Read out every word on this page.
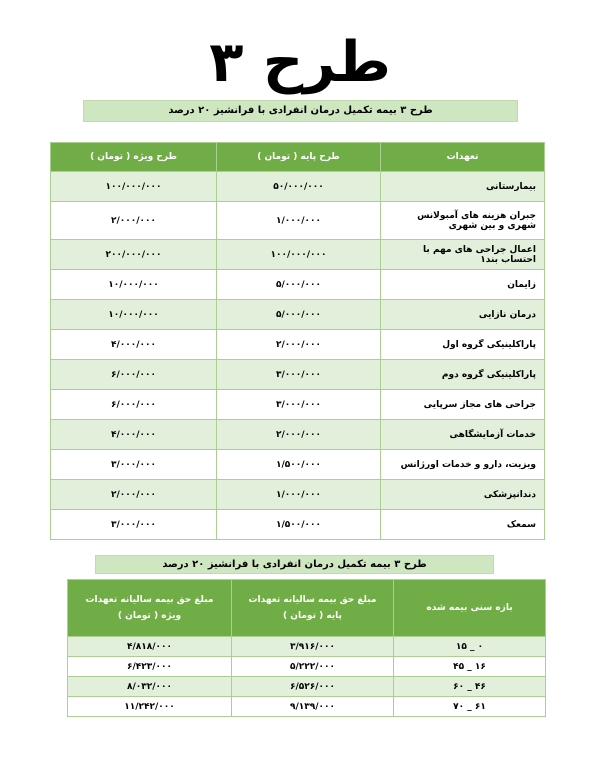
طرح ۳
طرح ۳ بیمه تکمیل درمان انفرادی با فرانشیز ۲۰ درصد
تعهدات	طرح پایه ( تومان )	طرح ویژه ( تومان )
بیمارستانی	۵۰/۰۰۰/۰۰۰	۱۰۰/۰۰۰/۰۰۰
جبران هزینه های آمبولانس شهری و بین شهری	۱/۰۰۰/۰۰۰	۲/۰۰۰/۰۰۰
اعمال جراحی های مهم با احتساب بند۱	۱۰۰/۰۰۰/۰۰۰	۲۰۰/۰۰۰/۰۰۰
زایمان	۵/۰۰۰/۰۰۰	۱۰/۰۰۰/۰۰۰
درمان نازایی	۵/۰۰۰/۰۰۰	۱۰/۰۰۰/۰۰۰
پاراکلینیکی گروه اول	۲/۰۰۰/۰۰۰	۴/۰۰۰/۰۰۰
پاراکلینیکی گروه دوم	۳/۰۰۰/۰۰۰	۶/۰۰۰/۰۰۰
جراحی های مجاز سرپایی	۳/۰۰۰/۰۰۰	۶/۰۰۰/۰۰۰
خدمات آزمایشگاهی	۲/۰۰۰/۰۰۰	۴/۰۰۰/۰۰۰
ویزیت، دارو و خدمات اورژانس	۱/۵۰۰/۰۰۰	۳/۰۰۰/۰۰۰
دندانپزشکی	۱/۰۰۰/۰۰۰	۲/۰۰۰/۰۰۰
سمعک	۱/۵۰۰/۰۰۰	۳/۰۰۰/۰۰۰
طرح ۳ بیمه تکمیل درمان انفرادی با فرانشیز ۲۰ درصد
بازه سنی بیمه شده	مبلغ حق بیمه سالیانه تعهدات پایه ( تومان )	مبلغ حق بیمه سالیانه تعهدات ویژه ( تومان )
۰ _ ۱۵	۳/۹۱۶/۰۰۰	۴/۸۱۸/۰۰۰
۱۶ _ ۴۵	۵/۲۲۲/۰۰۰	۶/۴۲۳/۰۰۰
۴۶ _ ۶۰	۶/۵۲۶/۰۰۰	۸/۰۳۲/۰۰۰
۶۱ _ ۷۰	۹/۱۳۹/۰۰۰	۱۱/۲۴۲/۰۰۰
